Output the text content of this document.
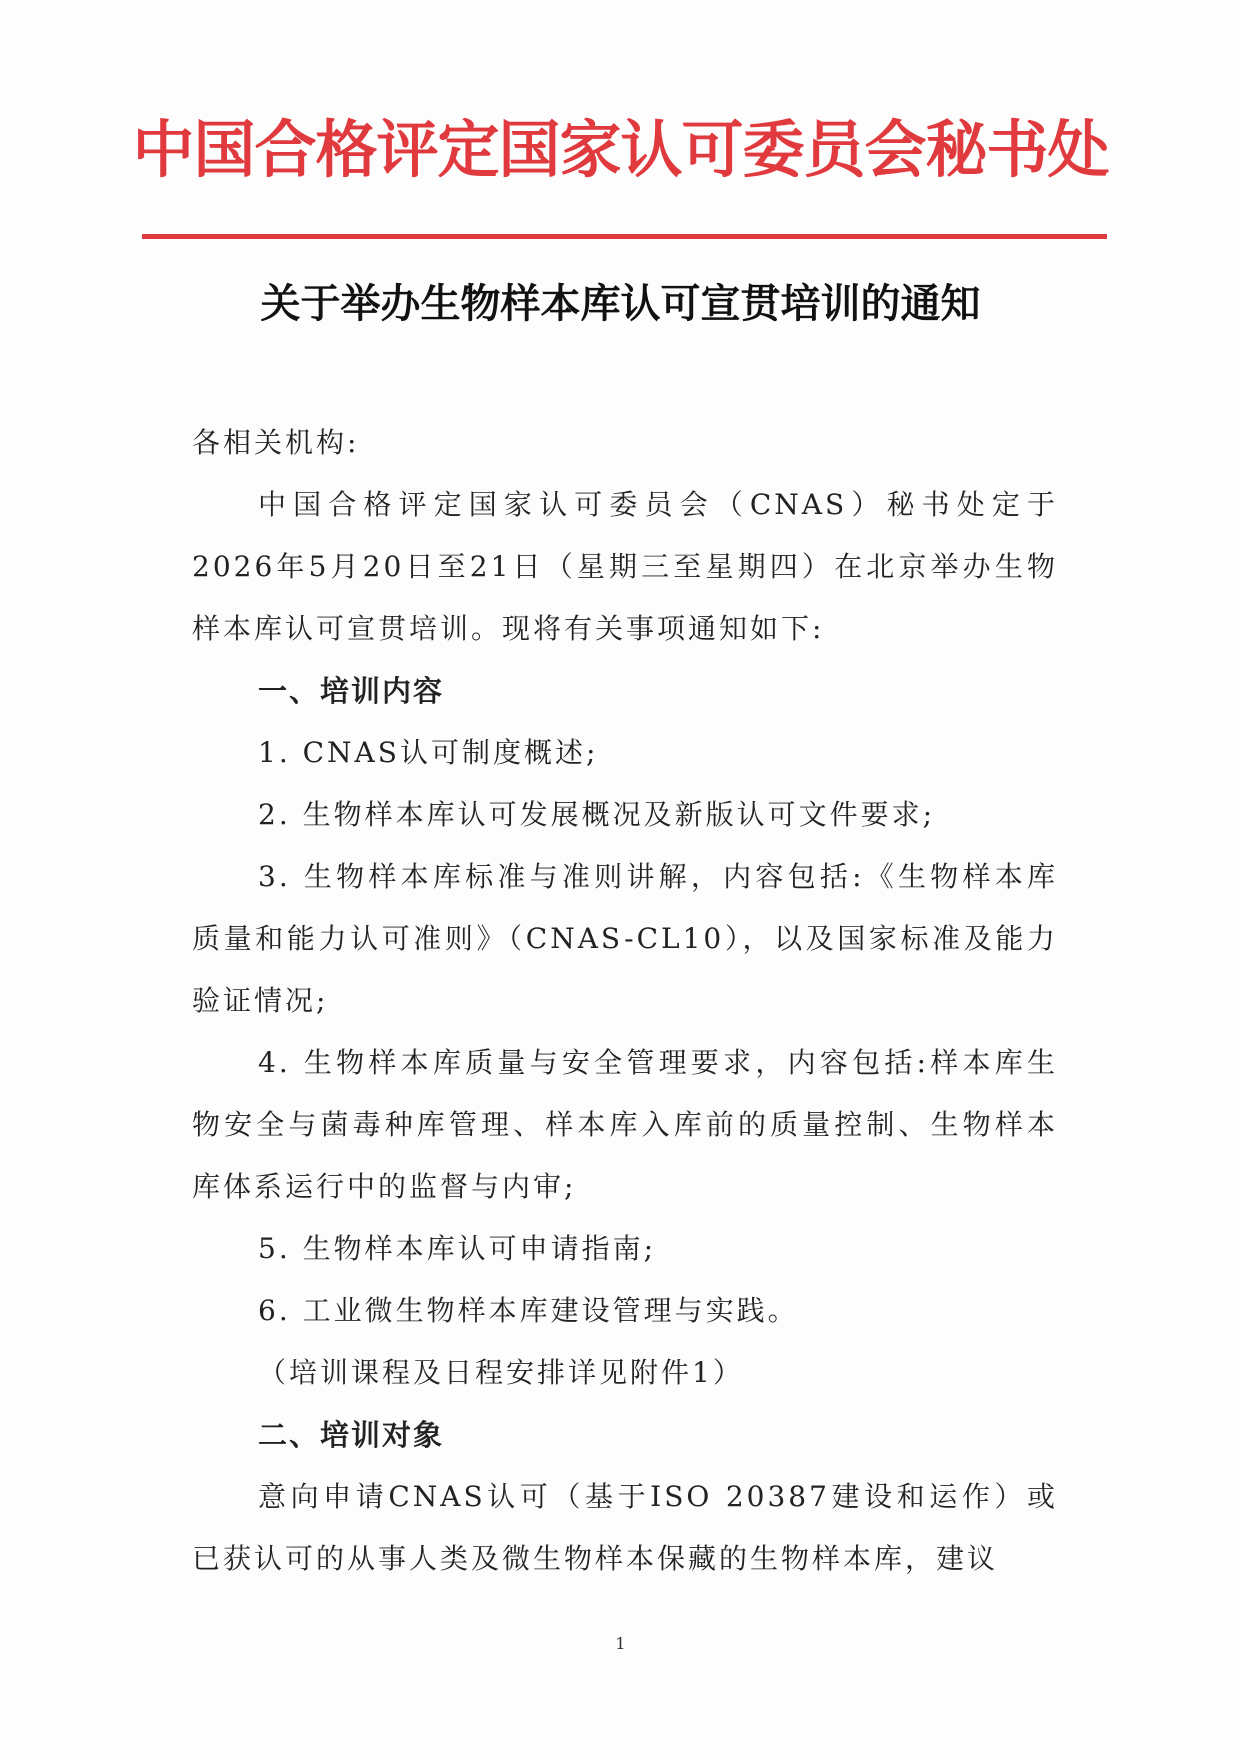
中国合格评定国家认可委员会秘书处
关于举办生物样本库认可宣贯培训的通知

各相关机构:

中国合格评定国家认可委员会（CNAS）秘书处定于2026年5月20日至21日（星期三至星期四）在北京举办生物样本库认可宣贯培训。现将有关事项通知如下:

一、培训内容

1. CNAS认可制度概述;

2. 生物样本库认可发展概况及新版认可文件要求;

3. 生物样本库标准与准则讲解，内容包括:《生物样本库质量和能力认可准则》（CNAS-CL10），以及国家标准及能力验证情况;

4. 生物样本库质量与安全管理要求，内容包括:样本库生物安全与菌毒种库管理、样本库入库前的质量控制、生物样本库体系运行中的监督与内审;

5. 生物样本库认可申请指南;

6. 工业微生物样本库建设管理与实践。

（培训课程及日程安排详见附件1）

二、培训对象

意向申请CNAS认可（基于ISO 20387建设和运作）或已获认可的从事人类及微生物样本保藏的生物样本库，建议

1
